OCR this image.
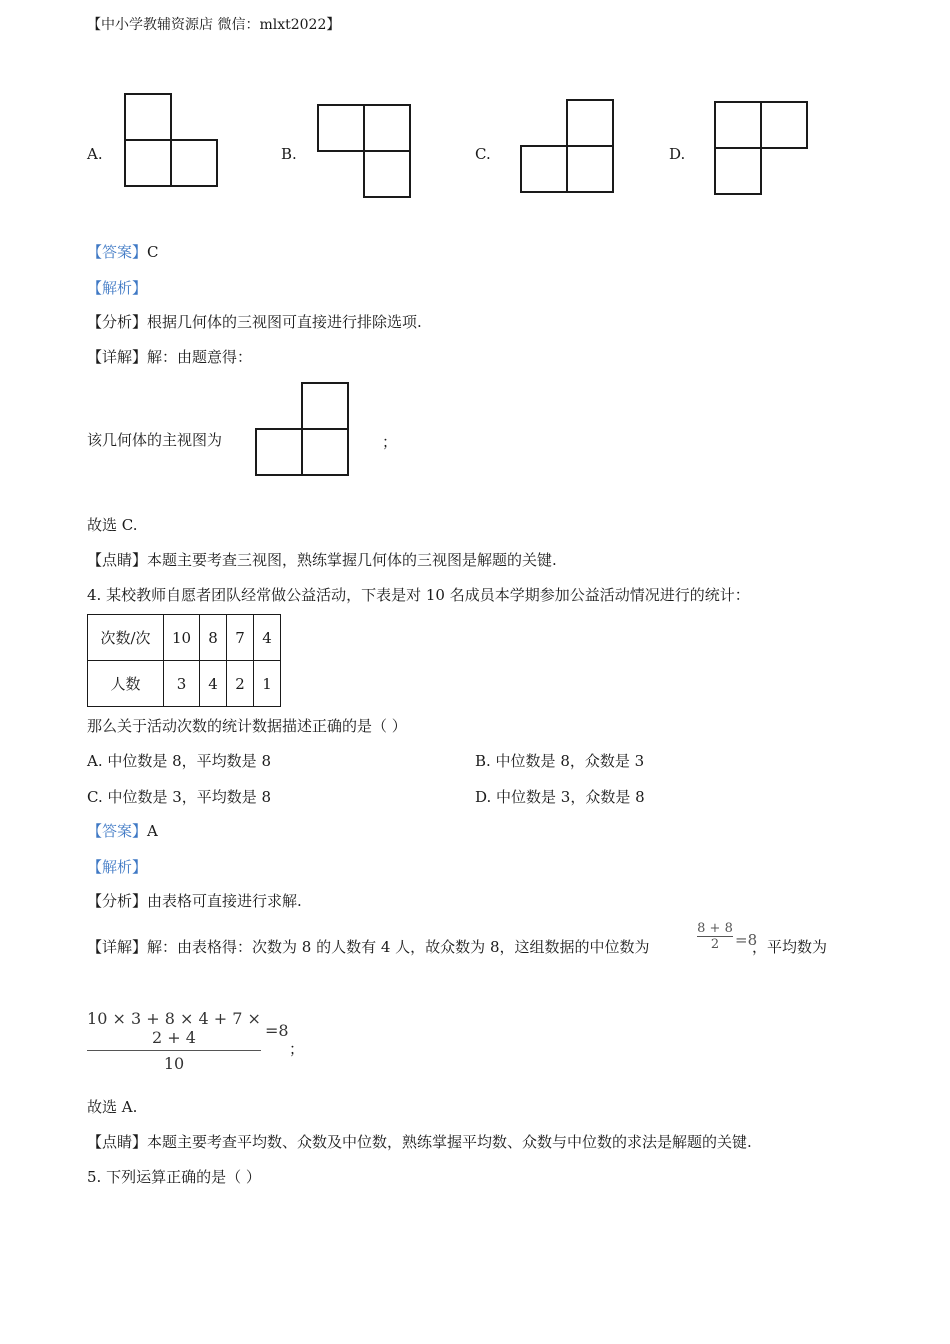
【中小学教辅资源店 微信：mlxt2022】
A.	B.	C.	D.
【答案】C
【解析】
【分析】根据几何体的三视图可直接进行排除选项.
【详解】解：由题意得：
该几何体的主视图为	；
故选 C.
【点睛】本题主要考查三视图，熟练掌握几何体的三视图是解题的关键.
4. 某校教师自愿者团队经常做公益活动，下表是对 10 名成员本学期参加公益活动情况进行的统计：
次数/次	10	8	7	4
人数	3	4	2	1
那么关于活动次数的统计数据描述正确的是（ ）
A. 中位数是 8，平均数是 8	B. 中位数是 8，众数是 3
C. 中位数是 3，平均数是 8	D. 中位数是 3，众数是 8
【答案】A
【解析】
【分析】由表格可直接进行求解.
【详解】解：由表格得：次数为 8 的人数有 4 人，故众数为 8，这组数据的中位数为
8 + 8
2	=8
，平均数为
10 × 3 + 8 × 4 + 7 × 2 + 4
10
=8
；
故选 A.
【点睛】本题主要考查平均数、众数及中位数，熟练掌握平均数、众数与中位数的求法是解题的关键.
5. 下列运算正确的是（ ）
